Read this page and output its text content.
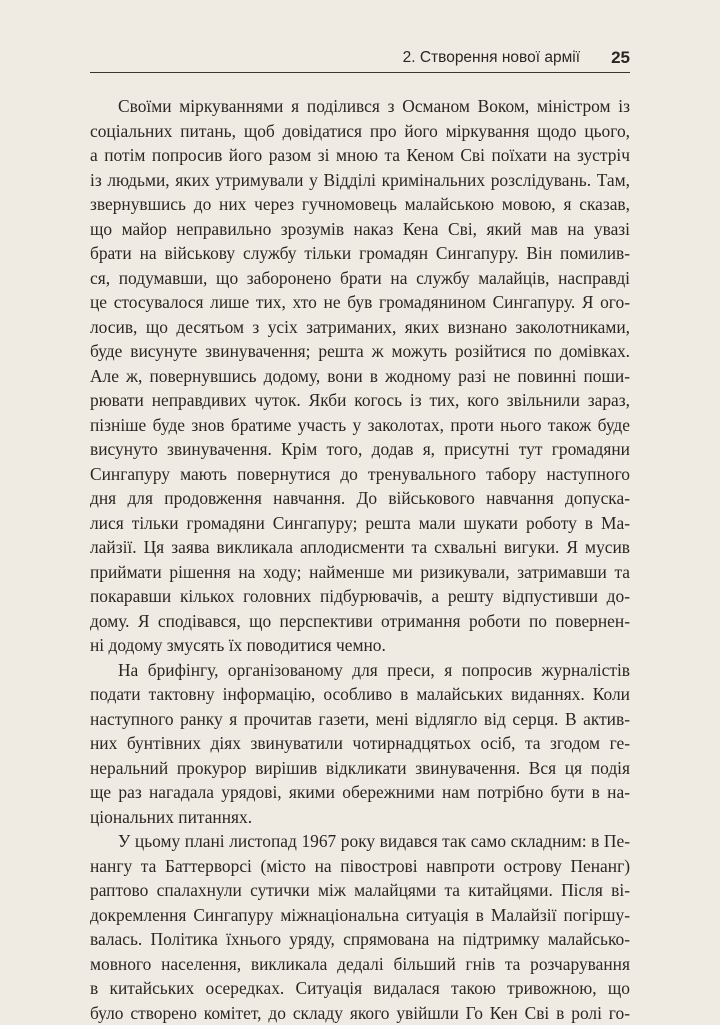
2. Створення нової армії 25
Своїми міркуваннями я поділився з Османом Воком, міністром із
соціальних питань, щоб довідатися про його міркування щодо цього,
а потім попросив його разом зі мною та Кеном Сві поїхати на зустріч
із людьми, яких утримували у Відділі кримінальних розслідувань. Там,
звернувшись до них через гучномовець малайською мовою, я сказав,
що майор неправильно зрозумів наказ Кена Сві, який мав на увазі
брати на військову службу тільки громадян Сингапуру. Він помилив-
ся, подумавши, що заборонено брати на службу малайців, насправді
це стосувалося лише тих, хто не був громадянином Сингапуру. Я ого-
лосив, що десятьом з усіх затриманих, яких визнано заколотниками,
буде висунуте звинувачення; решта ж можуть розійтися по домівках.
Але ж, повернувшись додому, вони в жодному разі не повинні поши-
рювати неправдивих чуток. Якби когось із тих, кого звільнили зараз,
пізніше буде знов братиме участь у заколотах, проти нього також буде
висунуто звинувачення. Крім того, додав я, присутні тут громадяни
Сингапуру мають повернутися до тренувального табору наступного
дня для продовження навчання. До військового навчання допуска-
лися тільки громадяни Сингапуру; решта мали шукати роботу в Ма-
лайзії. Ця заява викликала аплодисменти та схвальні вигуки. Я мусив
приймати рішення на ходу; найменше ми ризикували, затримавши та
покаравши кількох головних підбурювачів, а решту відпустивши до-
дому. Я сподівався, що перспективи отримання роботи по повернен-
ні додому змусять їх поводитися чемно.
На брифінгу, організованому для преси, я попросив журналістів
подати тактовну інформацію, особливо в малайських виданнях. Коли
наступного ранку я прочитав газети, мені відлягло від серця. В актив-
них бунтівних діях звинуватили чотирнадцятьох осіб, та згодом ге-
неральний прокурор вирішив відкликати звинувачення. Вся ця подія
ще раз нагадала урядові, якими обережними нам потрібно бути в на-
ціональних питаннях.
У цьому плані листопад 1967 року видався так само складним: в Пе-
нангу та Баттерворсі (місто на півострові навпроти острову Пенанг)
раптово спалахнули сутички між малайцями та китайцями. Після ві-
докремлення Сингапуру міжнаціональна ситуація в Малайзії погіршу-
валась. Політика їхнього уряду, спрямована на підтримку малайсько-
мовного населення, викликала дедалі більший гнів та розчарування
в китайських осередках. Ситуація видалася такою тривожною, що
було створено комітет, до складу якого увійшли Го Кен Сві в ролі го-
